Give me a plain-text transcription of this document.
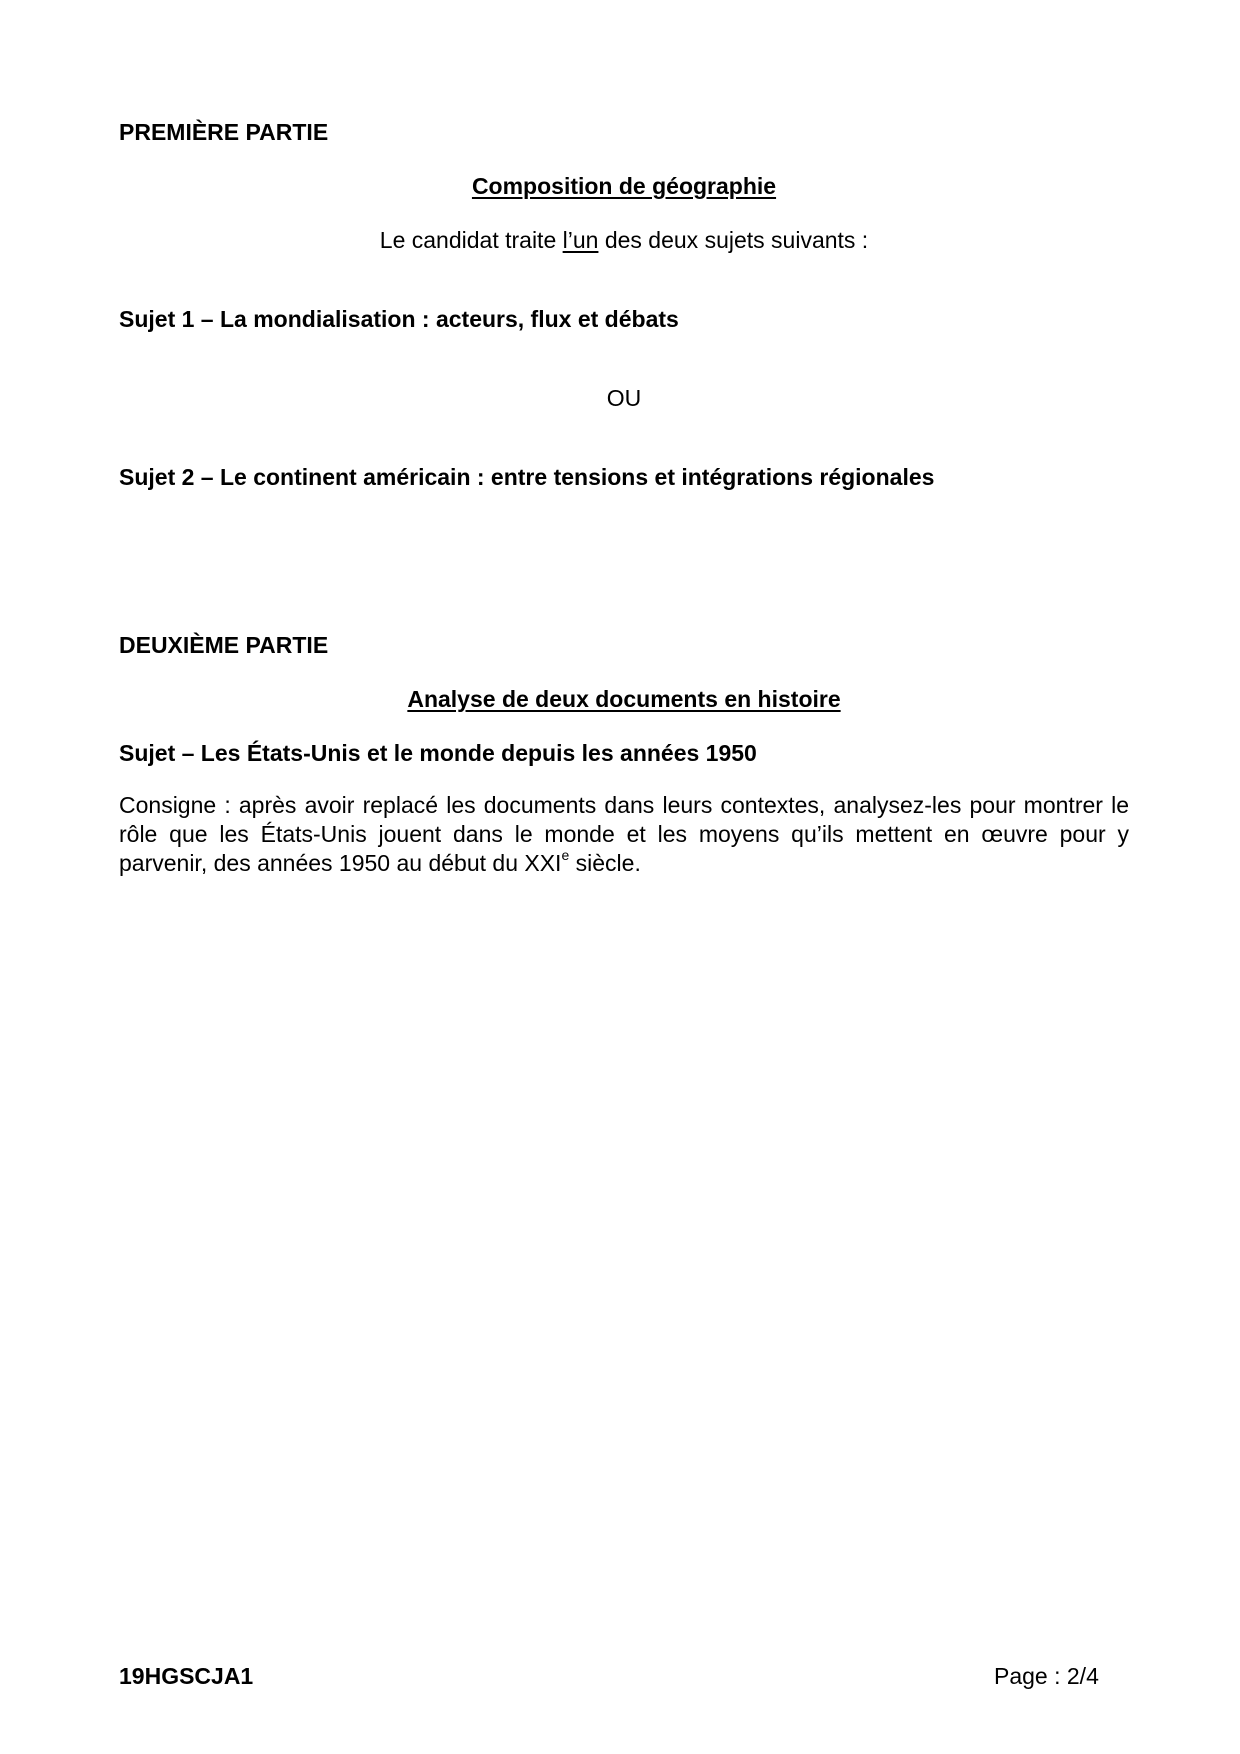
PREMIÈRE PARTIE
Composition de géographie
Le candidat traite l’un des deux sujets suivants :
Sujet 1 – La mondialisation : acteurs, flux et débats
OU
Sujet 2 – Le continent américain : entre tensions et intégrations régionales
DEUXIÈME PARTIE
Analyse de deux documents en histoire
Sujet – Les États-Unis et le monde depuis les années 1950
Consigne : après avoir replacé les documents dans leurs contextes, analysez-les pour montrer le rôle que les États-Unis jouent dans le monde et les moyens qu’ils mettent en œuvre pour y parvenir, des années 1950 au début du XXIe siècle.
19HGSCJA1	Page : 2/4
